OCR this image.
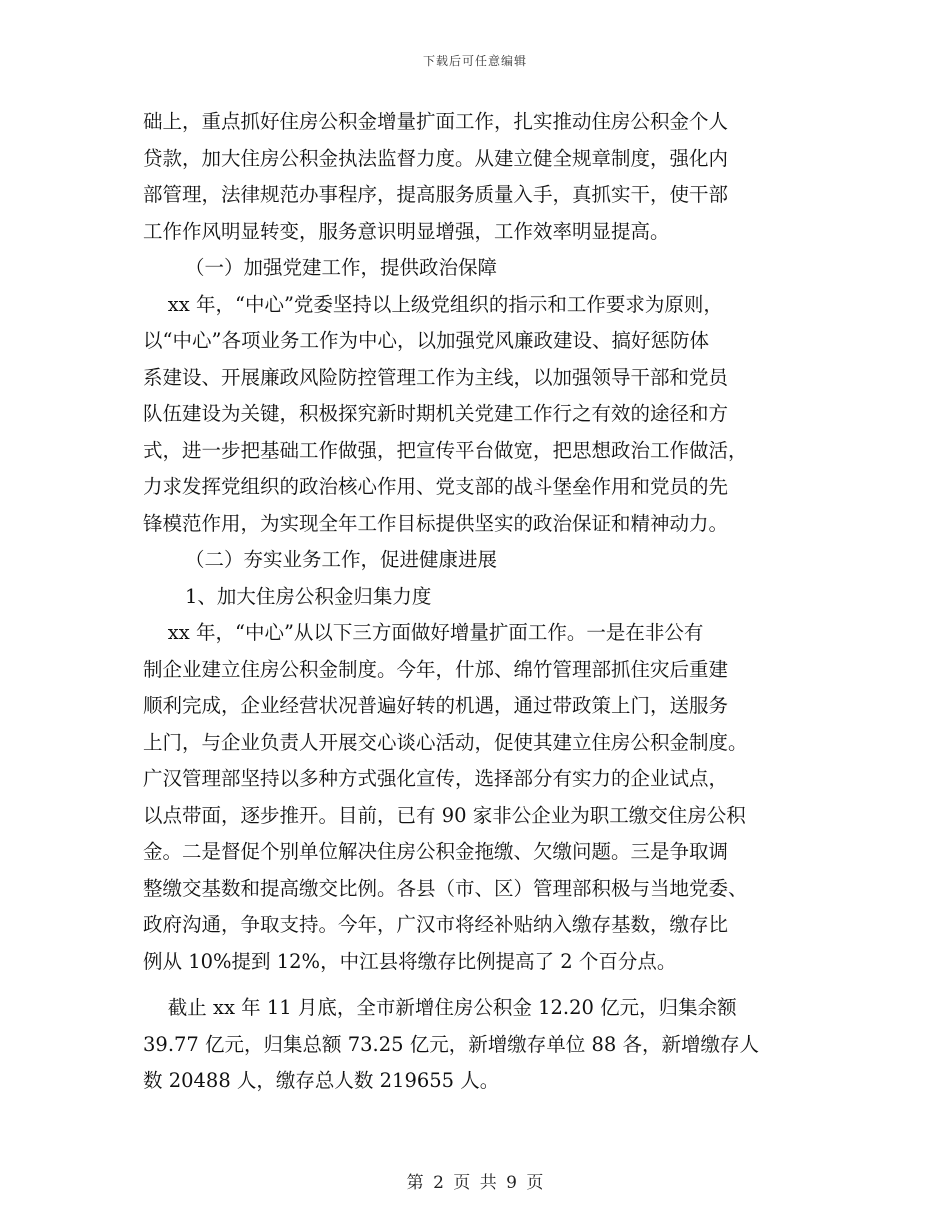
下载后可任意编辑
础上，重点抓好住房公积金增量扩面工作，扎实推动住房公积金个人
贷款，加大住房公积金执法监督力度。从建立健全规章制度，强化内
部管理，法律规范办事程序，提高服务质量入手，真抓实干，使干部
工作作风明显转变，服务意识明显增强，工作效率明显提高。
（一）加强党建工作，提供政治保障
xx 年，“中心”党委坚持以上级党组织的指示和工作要求为原则，
以“中心”各项业务工作为中心，以加强党风廉政建设、搞好惩防体
系建设、开展廉政风险防控管理工作为主线，以加强领导干部和党员
队伍建设为关键，积极探究新时期机关党建工作行之有效的途径和方
式，进一步把基础工作做强，把宣传平台做宽，把思想政治工作做活，
力求发挥党组织的政治核心作用、党支部的战斗堡垒作用和党员的先
锋模范作用，为实现全年工作目标提供坚实的政治保证和精神动力。
（二）夯实业务工作，促进健康进展
1、加大住房公积金归集力度
xx 年，“中心”从以下三方面做好增量扩面工作。一是在非公有
制企业建立住房公积金制度。今年，什邡、绵竹管理部抓住灾后重建
顺利完成，企业经营状况普遍好转的机遇，通过带政策上门，送服务
上门，与企业负责人开展交心谈心活动，促使其建立住房公积金制度。
广汉管理部坚持以多种方式强化宣传，选择部分有实力的企业试点，
以点带面，逐步推开。目前，已有 90 家非公企业为职工缴交住房公积
金。二是督促个别单位解决住房公积金拖缴、欠缴问题。三是争取调
整缴交基数和提高缴交比例。各县（市、区）管理部积极与当地党委、
政府沟通，争取支持。今年，广汉市将经补贴纳入缴存基数，缴存比
例从 10%提到 12%，中江县将缴存比例提高了 2 个百分点。
截止 xx 年 11 月底，全市新增住房公积金 12.20 亿元，归集余额
39.77 亿元，归集总额 73.25 亿元，新增缴存单位 88 各，新增缴存人
数 20488 人，缴存总人数 219655 人。
第 2 页 共 9 页
